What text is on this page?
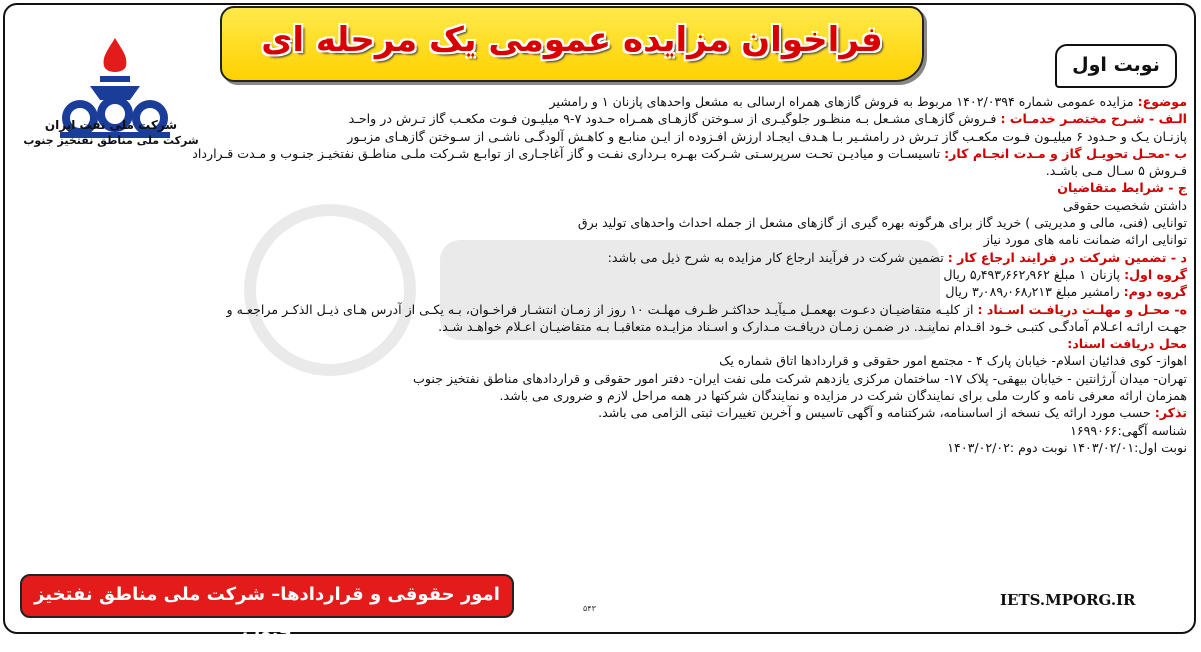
فراخوان مزایده عمومی یک مرحله ای
نوبت اول
شرکت ملی نفت ایران
شرکت ملی مناطق نفتخیز جنوب
موضوع: مزایده عمومی شماره ۱۴۰۲/۰۳۹۴ مربوط به فروش گازهای همراه ارسالی به مشعل واحدهای پازنان ۱ و رامشیر
الـف - شـرح مختصـر خدمـات : فـروش گازهـای مشـعل بـه منظـور جلوگیـری از سـوختن گازهـای همـراه حـدود ۷-۹ میلیـون فـوت مکعـب گاز تـرش در واحـد
پازنـان یـک و حـدود ۶ میلیـون فـوت مکعـب گاز تـرش در رامشـیر بـا هـدف ایجـاد ارزش افـزوده از ایـن منابـع و کاهـش آلودگـی ناشـی از سـوختن گازهـای مزبـور
ب -محـل تحویـل گاز و مـدت انجـام کار: تاسیسـات و میادیـن تحـت سرپرسـتی شـرکت بهـره بـرداری نفـت و گاز آغاجـاری از توابـع شـرکت ملـی مناطـق نفتخیـز جنـوب و مـدت قـرارداد
فـروش ۵ سـال مـی باشـد.
ج - شرایط متقاضیان
داشتن شخصیت حقوقی
توانایی (فنی، مالی و مدیریتی ) خرید گاز برای هرگونه بهره گیری از گازهای مشعل از جمله احداث واحدهای تولید برق
توانایی ارائه ضمانت نامه های مورد نیاز
د - تضمین شرکت در فرایند ارجاع کار : تضمین شرکت در فرآیند ارجاع کار مزایده به شرح ذیل می باشد:
گروه اول: پازنان ۱ مبلغ ۵٫۴۹۳٫۶۶۲٫۹۶۲ ریال
گروه دوم: رامشیر مبلغ ۳٫۰۸۹٫۰۶۸٫۲۱۳ ریال
ه- محـل و مهلـت دریافـت اسـناد : از کلیـه متقاضیـان دعـوت بهعمـل مـیآیـد حداکثـر ظـرف مهلـت ۱۰ روز از زمـان انتشـار فراخـوان، بـه یکـی از آدرس هـای ذیـل الذکـر مراجعـه و
جهـت ارائـه اعـلام آمادگـی کتبـی خـود اقـدام نماینـد. در ضمـن زمـان دریافـت مـدارک و اسـناد مزایـده متعاقبـا بـه متقاضیـان اعـلام خواهـد شـد.
محل دریافت اسناد:
اهواز- کوی فدائیان اسلام- خیابان پارک ۴ - مجتمع امور حقوقی و قراردادها اتاق شماره یک
تهران- میدان آرژانتین - خیابان بیهقی- پلاک ۱۷- ساختمان مرکزی یازدهم شرکت ملی نفت ایران- دفتر امور حقوقی و قراردادهای مناطق نفتخیز جنوب
همزمان ارائه معرفی نامه و کارت ملی برای نمایندگان شرکت در مزایده و نمایندگان شرکتها در همه مراحل لازم و ضروری می باشد.
تذکر: حسب مورد ارائه یک نسخه از اساسنامه، شرکتنامه و آگهی تاسیس و آخرین تغییرات ثبتی الزامی می باشد.
شناسه آگهی:۱۶۹۹۰۶۶
نوبت اول:۱۴۰۳/۰۲/۰۱ نوبت دوم :۱۴۰۳/۰۲/۰۲
امور حقوقی و قراردادها– شرکت ملی مناطق نفتخیز جنوب
IETS.MPORG.IR
۵۴۳
